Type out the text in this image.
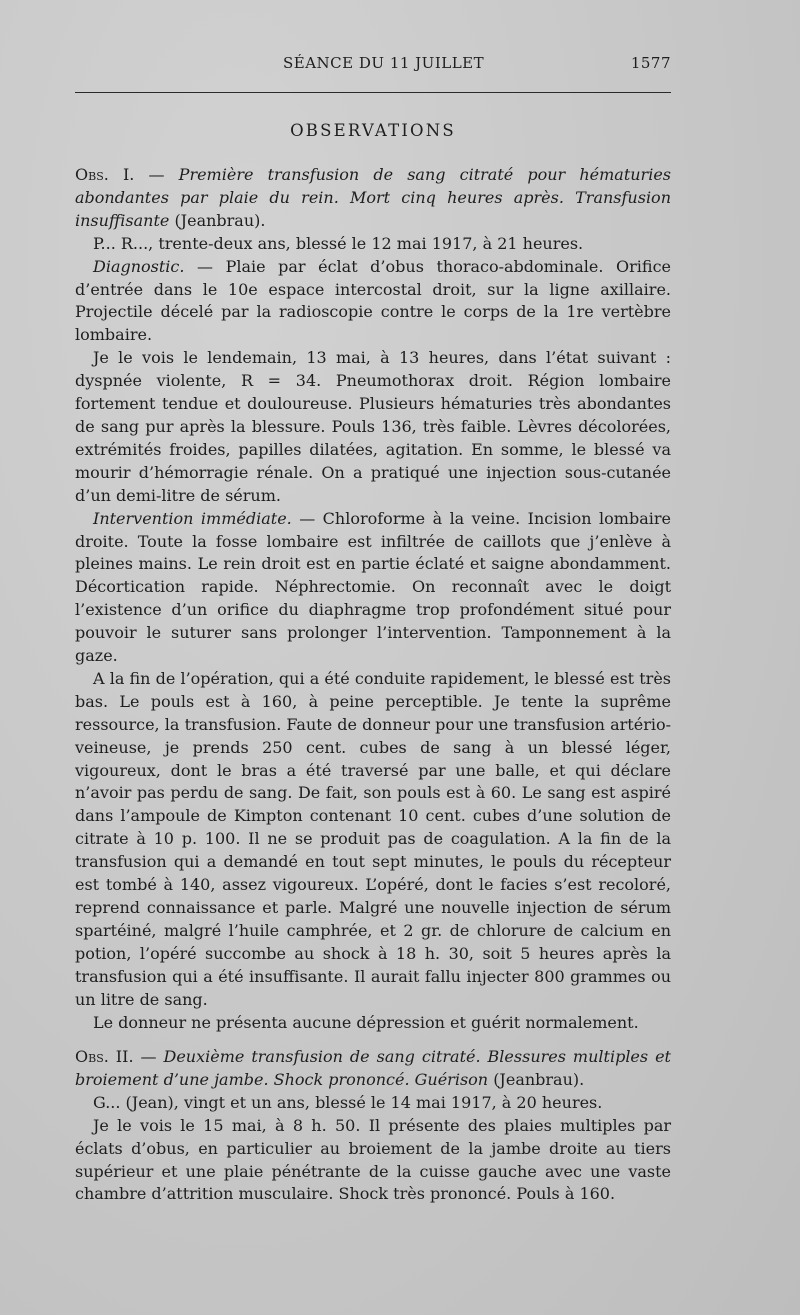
SÉANCE DU 11 JUILLET	1577
OBSERVATIONS

Obs. I. — Première transfusion de sang citraté pour hématuries abondantes par plaie du rein. Mort cinq heures après. Transfusion insuffisante (Jeanbrau).

P... R..., trente-deux ans, blessé le 12 mai 1917, à 21 heures.

Diagnostic. — Plaie par éclat d’obus thoraco-abdominale. Orifice d’entrée dans le 10e espace intercostal droit, sur la ligne axillaire. Projectile décelé par la radioscopie contre le corps de la 1re vertèbre lombaire.

Je le vois le lendemain, 13 mai, à 13 heures, dans l’état suivant : dyspnée violente, R = 34. Pneumothorax droit. Région lombaire fortement tendue et douloureuse. Plusieurs hématuries très abondantes de sang pur après la blessure. Pouls 136, très faible. Lèvres décolorées, extrémités froides, papilles dilatées, agitation. En somme, le blessé va mourir d’hémorragie rénale. On a pratiqué une injection sous-cutanée d’un demi-litre de sérum.

Intervention immédiate. — Chloroforme à la veine. Incision lombaire droite. Toute la fosse lombaire est infiltrée de caillots que j’enlève à pleines mains. Le rein droit est en partie éclaté et saigne abondamment. Décortication rapide. Néphrectomie. On reconnaît avec le doigt l’existence d’un orifice du diaphragme trop profondément situé pour pouvoir le suturer sans prolonger l’intervention. Tamponnement à la gaze.

A la fin de l’opération, qui a été conduite rapidement, le blessé est très bas. Le pouls est à 160, à peine perceptible. Je tente la suprême ressource, la transfusion. Faute de donneur pour une transfusion artério-veineuse, je prends 250 cent. cubes de sang à un blessé léger, vigoureux, dont le bras a été traversé par une balle, et qui déclare n’avoir pas perdu de sang. De fait, son pouls est à 60. Le sang est aspiré dans l’ampoule de Kimpton contenant 10 cent. cubes d’une solution de citrate à 10 p. 100. Il ne se produit pas de coagulation. A la fin de la transfusion qui a demandé en tout sept minutes, le pouls du récepteur est tombé à 140, assez vigoureux. L’opéré, dont le facies s’est recoloré, reprend connaissance et parle. Malgré une nouvelle injection de sérum spartéiné, malgré l’huile camphrée, et 2 gr. de chlorure de calcium en potion, l’opéré succombe au shock à 18 h. 30, soit 5 heures après la transfusion qui a été insuffisante. Il aurait fallu injecter 800 grammes ou un litre de sang.

Le donneur ne présenta aucune dépression et guérit normalement.

Obs. II. — Deuxième transfusion de sang citraté. Blessures multiples et broiement d’une jambe. Shock prononcé. Guérison (Jeanbrau).

G... (Jean), vingt et un ans, blessé le 14 mai 1917, à 20 heures.

Je le vois le 15 mai, à 8 h. 50. Il présente des plaies multiples par éclats d’obus, en particulier au broiement de la jambe droite au tiers supérieur et une plaie pénétrante de la cuisse gauche avec une vaste chambre d’attrition musculaire. Shock très prononcé. Pouls à 160.
